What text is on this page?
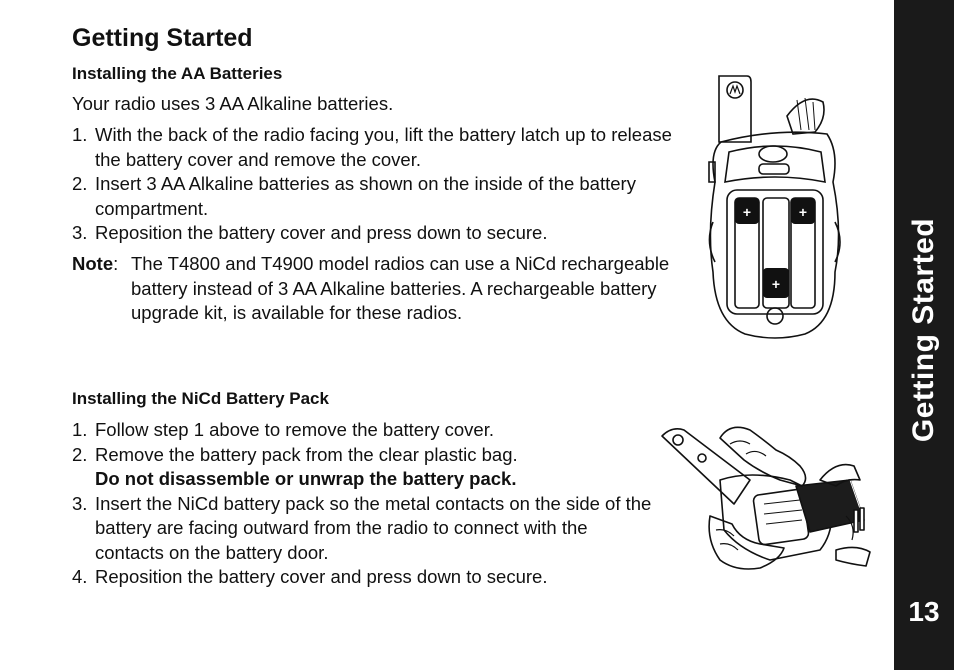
Getting Started

Installing the AA Batteries

Your radio uses 3 AA Alkaline batteries.

1. With the back of the radio facing you, lift the battery latch up to release the battery cover and remove the cover.
2. Insert 3 AA Alkaline batteries as shown on the inside of the battery compartment.
3. Reposition the battery cover and press down to secure.
Note: The T4800 and T4900 model radios can use a NiCd rechargeable battery instead of 3 AA Alkaline batteries. A rechargeable battery upgrade kit, is available for these radios.

Installing the NiCd Battery Pack

1. Follow step 1 above to remove the battery cover.
2. Remove the battery pack from the clear plastic bag.
Do not disassemble or unwrap the battery pack.
3. Insert the NiCd battery pack so the metal contacts on the side of the battery are facing outward from the radio to connect with the contacts on the battery door.
4. Reposition the battery cover and press down to secure.
+	+
+	Getting Started
13
